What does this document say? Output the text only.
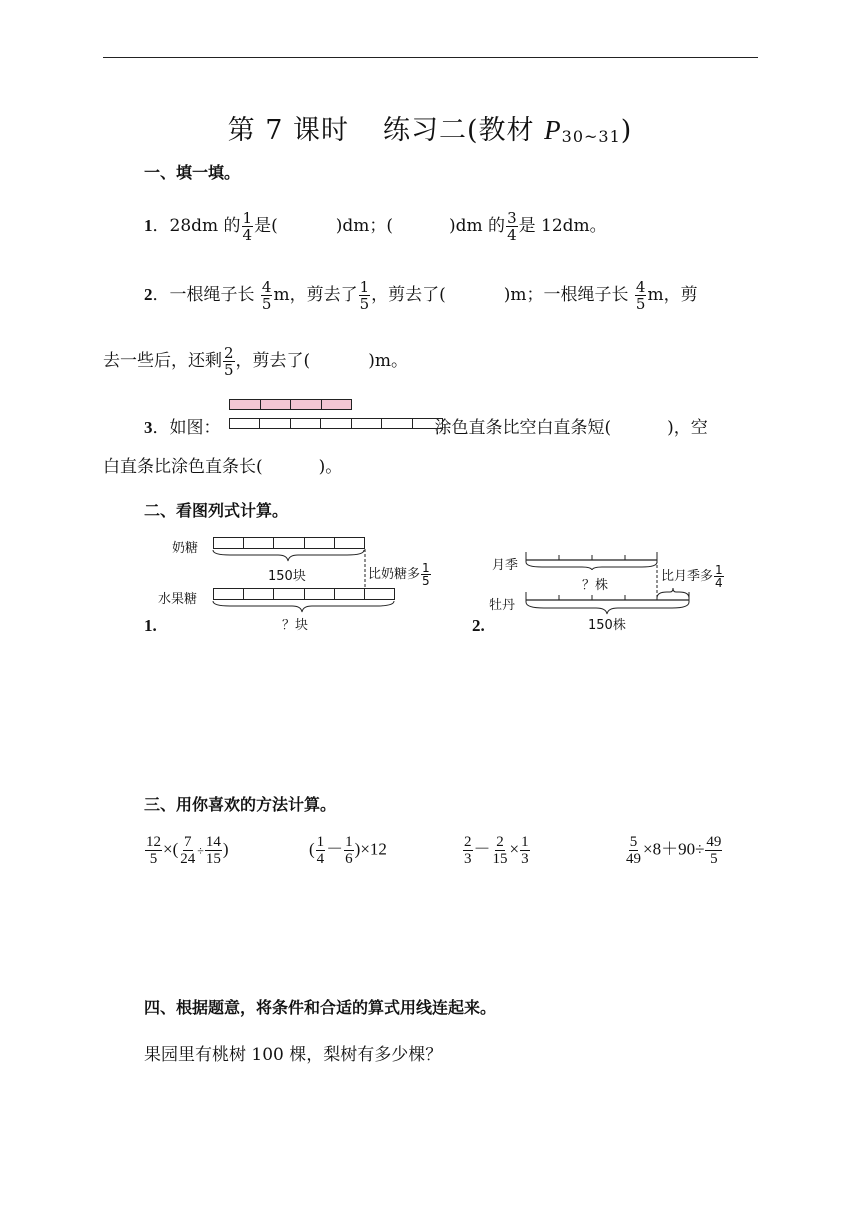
第 7 课时 练习二(教材 $P_{30\sim 31}$)
一、填一填。
1．28dm 的 $\frac{1}{4}$ 是(	)dm；(	)dm 的 $\frac{3}{4}$ 是 12dm。
2．一根绳子长 $\frac{4}{5}$ m，剪去了 $\frac{1}{5}$ ，剪去了(	)m；一根绳子长 $\frac{4}{5}$ m，剪
去一些后，还剩 $\frac{2}{5}$ ，剪去了(	)m。
3．如图：	涂色直条比空白直条短(	)，空
白直条比涂色直条长(	)。
二、看图列式计算。
奶糖
150块	比奶糖多 $\frac{1}{5}$
水果糖
？块
1.
月季
？株
比月季多 $\frac{1}{4}$
牡丹
150株
2.
三、用你喜欢的方法计算。
$\frac{12}{5}$ ×( $\frac{7}{24} \div \frac{14}{15}$ )	( $\frac{1}{4} - \frac{1}{6} )\times 12$	$\frac{2}{3} - \frac{2}{15} \times \frac{1}{3}$	$\frac{5}{49} \times 8+90\div \frac{49}{5}$
四、根据题意，将条件和合适的算式用线连起来。
果园里有桃树 100 棵，梨树有多少棵？
